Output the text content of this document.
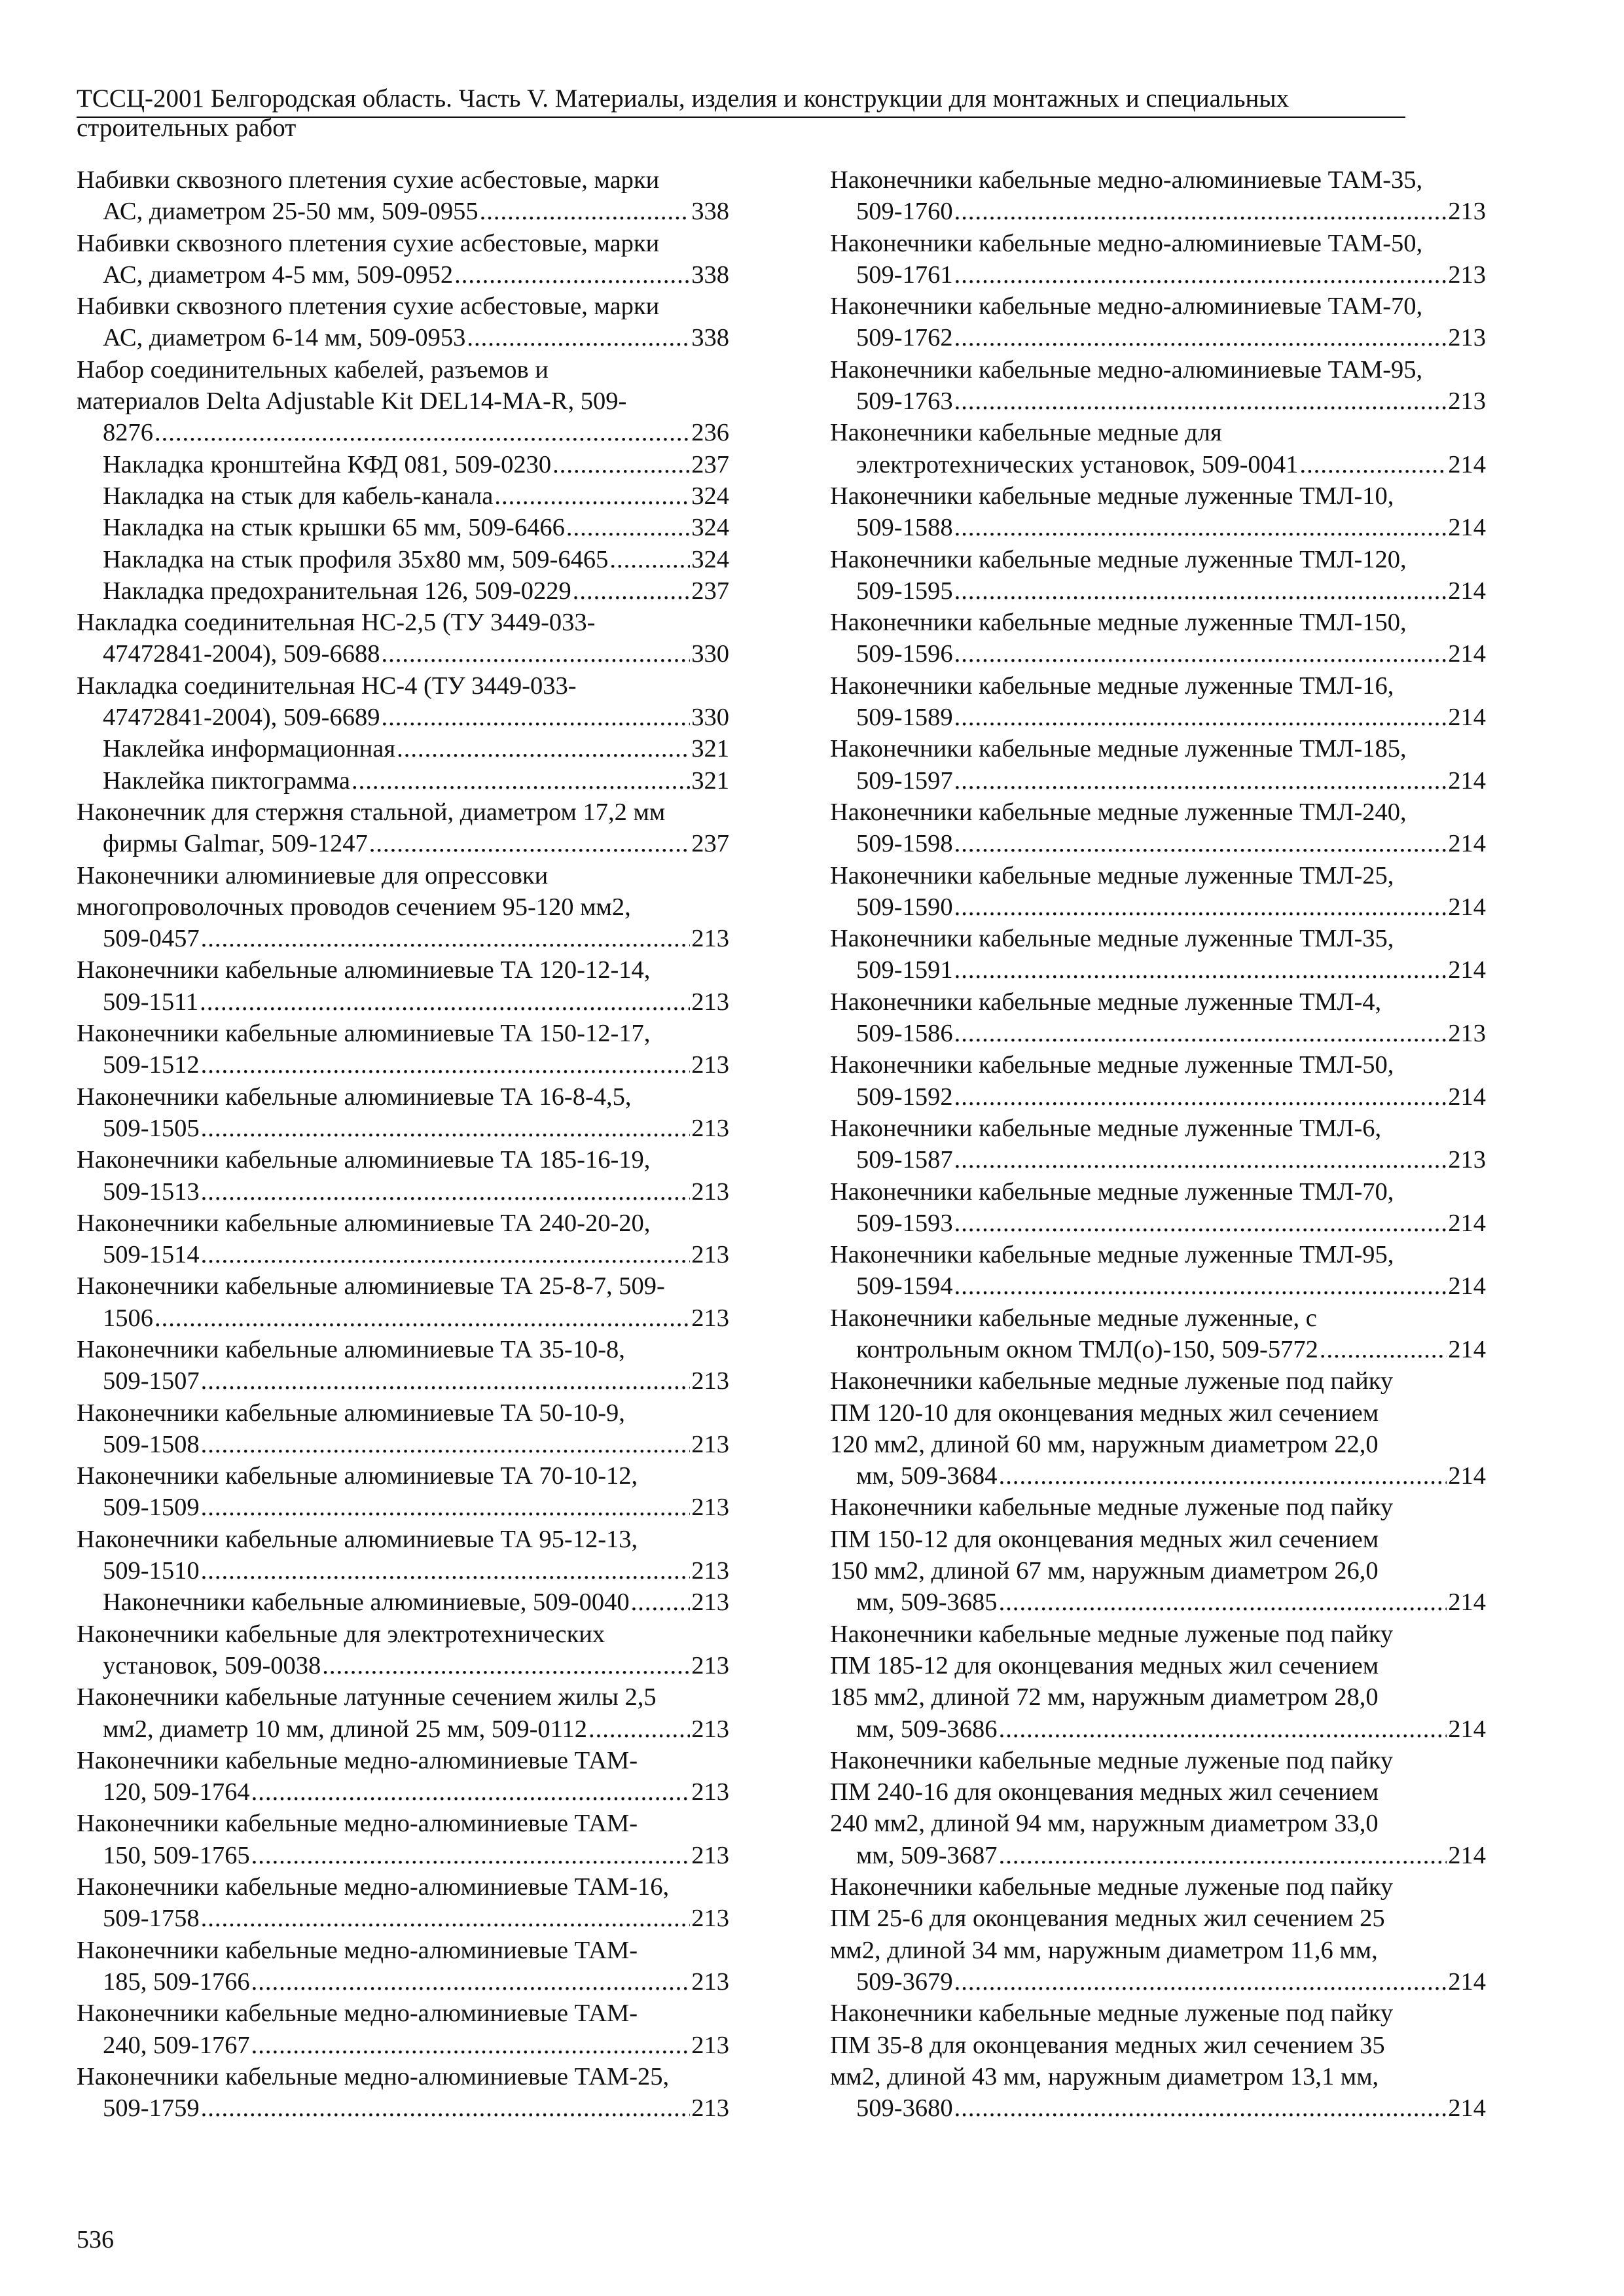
ТССЦ-2001 Белгородская область. Часть V. Материалы, изделия и конструкции для монтажных и специальных
строительных работ
Набивки сквозного плетения сухие асбестовые, марки
АС, диаметром 25-50 мм, 509-0955 .....	338
Набивки сквозного плетения сухие асбестовые, марки
АС, диаметром 4-5 мм, 509-0952 .....	338
Набивки сквозного плетения сухие асбестовые, марки
АС, диаметром 6-14 мм, 509-0953 .....	338
Набор соединительных кабелей, разъемов и
материалов Delta Adjustable Kit DEL14-MA-R, 509-
8276 .....	236
Накладка кронштейна КФД 081, 509-0230 .....	237
Накладка на стык для кабель-канала .....	324
Накладка на стык крышки 65 мм, 509-6466 .....	324
Накладка на стык профиля 35х80 мм, 509-6465 .....	324
Накладка предохранительная 126, 509-0229 .....	237
Накладка соединительная НС-2,5 (ТУ 3449-033-
47472841-2004), 509-6688 .....	330
Накладка соединительная НС-4 (ТУ 3449-033-
47472841-2004), 509-6689 .....	330
Наклейка информационная .....	321
Наклейка пиктограмма .....	321
Наконечник для стержня стальной, диаметром 17,2 мм
фирмы Galmar, 509-1247 .....	237
Наконечники алюминиевые для опрессовки
многопроволочных проводов сечением 95-120 мм2,
509-0457 .....	213
Наконечники кабельные алюминиевые ТА 120-12-14,
509-1511 .....	213
Наконечники кабельные алюминиевые ТА 150-12-17,
509-1512 .....	213
Наконечники кабельные алюминиевые ТА 16-8-4,5,
509-1505 .....	213
Наконечники кабельные алюминиевые ТА 185-16-19,
509-1513 .....	213
Наконечники кабельные алюминиевые ТА 240-20-20,
509-1514 .....	213
Наконечники кабельные алюминиевые ТА 25-8-7, 509-
1506 .....	213
Наконечники кабельные алюминиевые ТА 35-10-8,
509-1507 .....	213
Наконечники кабельные алюминиевые ТА 50-10-9,
509-1508 .....	213
Наконечники кабельные алюминиевые ТА 70-10-12,
509-1509 .....	213
Наконечники кабельные алюминиевые ТА 95-12-13,
509-1510 .....	213
Наконечники кабельные алюминиевые, 509-0040 ..... 213
Наконечники кабельные для электротехнических
установок, 509-0038 .....	213
Наконечники кабельные латунные сечением жилы 2,5
мм2, диаметр 10 мм, длиной 25 мм, 509-0112 .....	213
Наконечники кабельные медно-алюминиевые ТАМ-
120, 509-1764 .....	213
Наконечники кабельные медно-алюминиевые ТАМ-
150, 509-1765 .....	213
Наконечники кабельные медно-алюминиевые ТАМ-16,
509-1758 .....	213
Наконечники кабельные медно-алюминиевые ТАМ-
185, 509-1766 .....	213
Наконечники кабельные медно-алюминиевые ТАМ-
240, 509-1767 .....	213
Наконечники кабельные медно-алюминиевые ТАМ-25,
509-1759 .....	213
Наконечники кабельные медно-алюминиевые ТАМ-35,
509-1760 .....	213
Наконечники кабельные медно-алюминиевые ТАМ-50,
509-1761 .....	213
Наконечники кабельные медно-алюминиевые ТАМ-70,
509-1762 .....	213
Наконечники кабельные медно-алюминиевые ТАМ-95,
509-1763 .....	213
Наконечники кабельные медные для
электротехнических установок, 509-0041 .....	214
Наконечники кабельные медные луженные ТМЛ-10,
509-1588 .....	214
Наконечники кабельные медные луженные ТМЛ-120,
509-1595 .....	214
Наконечники кабельные медные луженные ТМЛ-150,
509-1596 .....	214
Наконечники кабельные медные луженные ТМЛ-16,
509-1589 .....	214
Наконечники кабельные медные луженные ТМЛ-185,
509-1597 .....	214
Наконечники кабельные медные луженные ТМЛ-240,
509-1598 .....	214
Наконечники кабельные медные луженные ТМЛ-25,
509-1590 .....	214
Наконечники кабельные медные луженные ТМЛ-35,
509-1591 .....	214
Наконечники кабельные медные луженные ТМЛ-4,
509-1586 .....	213
Наконечники кабельные медные луженные ТМЛ-50,
509-1592 .....	214
Наконечники кабельные медные луженные ТМЛ-6,
509-1587 .....	213
Наконечники кабельные медные луженные ТМЛ-70,
509-1593 .....	214
Наконечники кабельные медные луженные ТМЛ-95,
509-1594 .....	214
Наконечники кабельные медные луженные, с
контрольным окном ТМЛ(о)-150, 509-5772 .....	214
Наконечники кабельные медные луженые под пайку
ПМ 120-10 для оконцевания медных жил сечением
120 мм2, длиной 60 мм, наружным диаметром 22,0
мм, 509-3684 .....	214
Наконечники кабельные медные луженые под пайку
ПМ 150-12 для оконцевания медных жил сечением
150 мм2, длиной 67 мм, наружным диаметром 26,0
мм, 509-3685 .....	214
Наконечники кабельные медные луженые под пайку
ПМ 185-12 для оконцевания медных жил сечением
185 мм2, длиной 72 мм, наружным диаметром 28,0
мм, 509-3686 .....	214
Наконечники кабельные медные луженые под пайку
ПМ 240-16 для оконцевания медных жил сечением
240 мм2, длиной 94 мм, наружным диаметром 33,0
мм, 509-3687 .....	214
Наконечники кабельные медные луженые под пайку
ПМ 25-6 для оконцевания медных жил сечением 25
мм2, длиной 34 мм, наружным диаметром 11,6 мм,
509-3679 .....	214
Наконечники кабельные медные луженые под пайку
ПМ 35-8 для оконцевания медных жил сечением 35
мм2, длиной 43 мм, наружным диаметром 13,1 мм,
509-3680 .....	214
536
